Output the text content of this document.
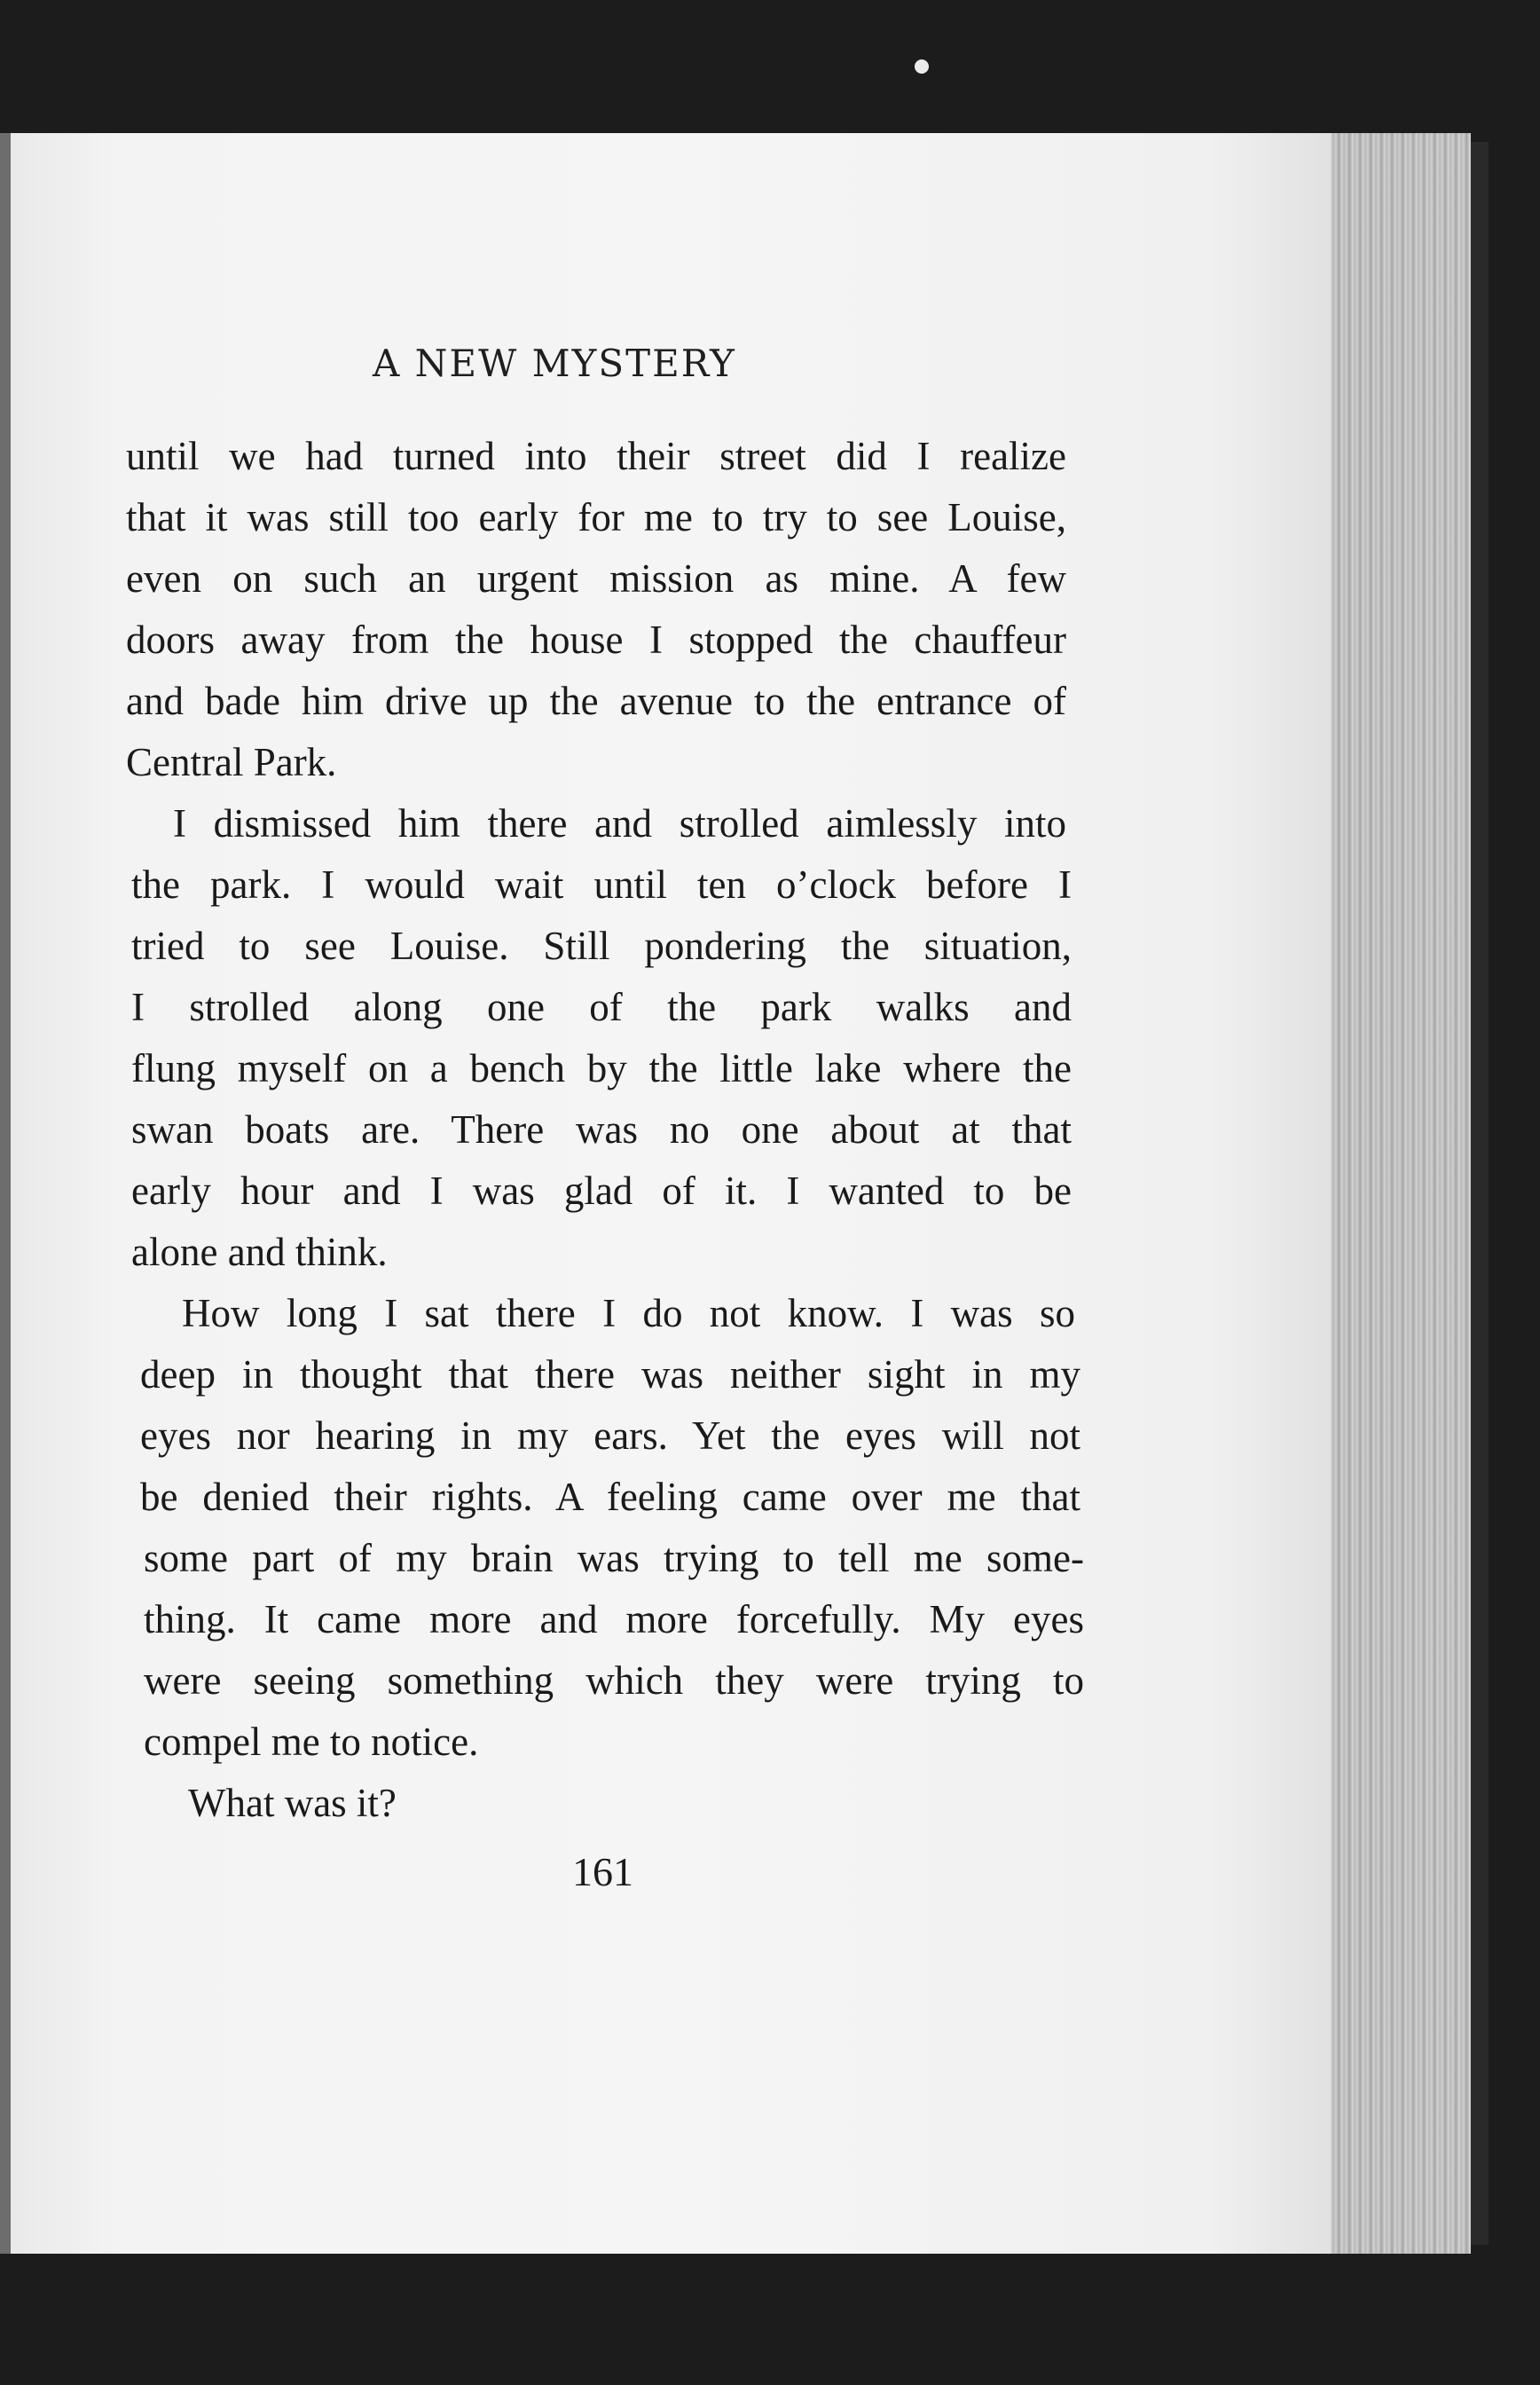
A NEW MYSTERY
until we had turned into their street did I realize
that it was still too early for me to try to see Louise,
even on such an urgent mission as mine. A few
doors away from the house I stopped the chauffeur
and bade him drive up the avenue to the entrance of
Central Park.
I dismissed him there and strolled aimlessly into
the park. I would wait until ten o’clock before I
tried to see Louise. Still pondering the situation,
I strolled along one of the park walks and
flung myself on a bench by the little lake where the
swan boats are. There was no one about at that
early hour and I was glad of it. I wanted to be
alone and think.
How long I sat there I do not know. I was so
deep in thought that there was neither sight in my
eyes nor hearing in my ears. Yet the eyes will not
be denied their rights. A feeling came over me that
some part of my brain was trying to tell me some-
thing. It came more and more forcefully. My eyes
were seeing something which they were trying to
compel me to notice.
What was it?
161
